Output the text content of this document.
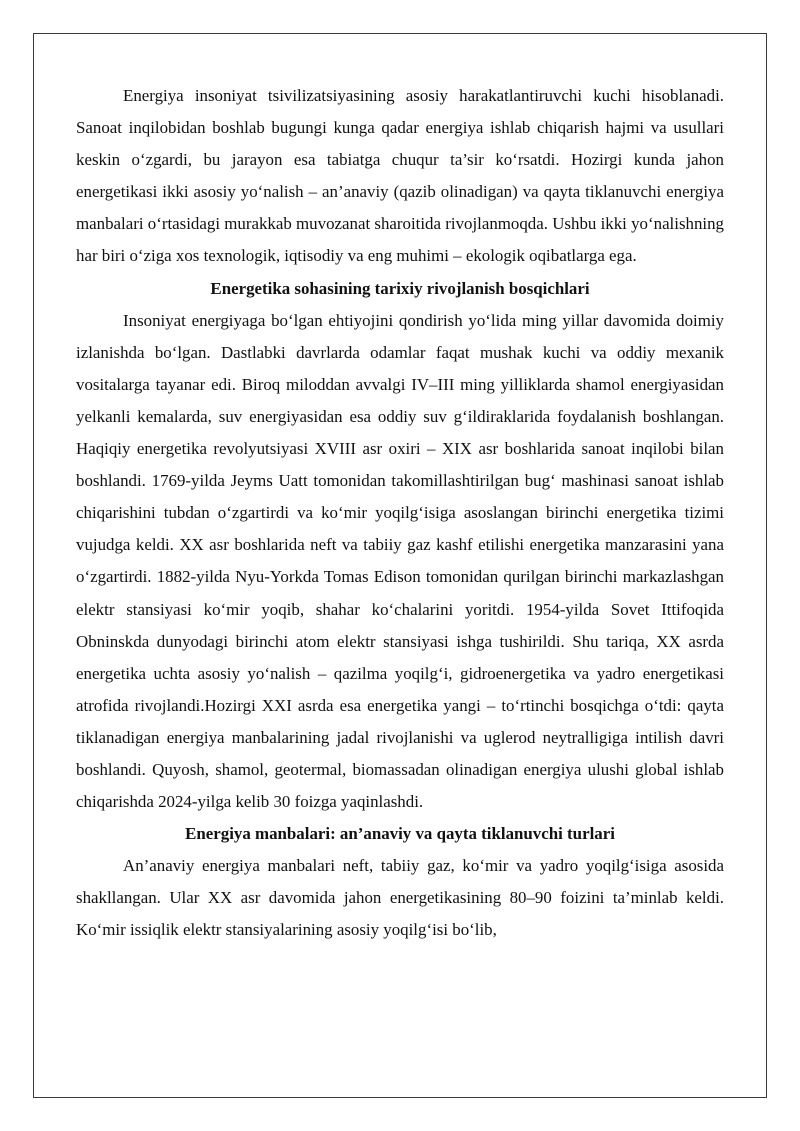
Energiya insoniyat tsivilizatsiyasining asosiy harakatlantiruvchi kuchi hisoblanadi. Sanoat inqilobidan boshlab bugungi kunga qadar energiya ishlab chiqarish hajmi va usullari keskin o‘zgardi, bu jarayon esa tabiatga chuqur ta’sir ko‘rsatdi. Hozirgi kunda jahon energetikasi ikki asosiy yo‘nalish – an’anaviy (qazib olinadigan) va qayta tiklanuvchi energiya manbalari o‘rtasidagi murakkab muvozanat sharoitida rivojlanmoqda. Ushbu ikki yo‘nalishning har biri o‘ziga xos texnologik, iqtisodiy va eng muhimi – ekologik oqibatlarga ega.

Energetika sohasining tarixiy rivojlanish bosqichlari

Insoniyat energiyaga bo‘lgan ehtiyojini qondirish yo‘lida ming yillar davomida doimiy izlanishda bo‘lgan. Dastlabki davrlarda odamlar faqat mushak kuchi va oddiy mexanik vositalarga tayanar edi. Biroq miloddan avvalgi IV–III ming yilliklarda shamol energiyasidan yelkanli kemalarda, suv energiyasidan esa oddiy suv g‘ildiraklarida foydalanish boshlangan. Haqiqiy energetika revolyutsiyasi XVIII asr oxiri – XIX asr boshlarida sanoat inqilobi bilan boshlandi. 1769-yilda Jeyms Uatt tomonidan takomillashtirilgan bug‘ mashinasi sanoat ishlab chiqarishini tubdan o‘zgartirdi va ko‘mir yoqilg‘isiga asoslangan birinchi energetika tizimi vujudga keldi. XX asr boshlarida neft va tabiiy gaz kashf etilishi energetika manzarasini yana o‘zgartirdi. 1882-yilda Nyu-Yorkda Tomas Edison tomonidan qurilgan birinchi markazlashgan elektr stansiyasi ko‘mir yoqib, shahar ko‘chalarini yoritdi. 1954-yilda Sovet Ittifoqida Obninskda dunyodagi birinchi atom elektr stansiyasi ishga tushirildi. Shu tariqa, XX asrda energetika uchta asosiy yo‘nalish – qazilma yoqilg‘i, gidroenergetika va yadro energetikasi atrofida rivojlandi.Hozirgi XXI asrda esa energetika yangi – to‘rtinchi bosqichga o‘tdi: qayta tiklanadigan energiya manbalarining jadal rivojlanishi va uglerod neytralligiga intilish davri boshlandi. Quyosh, shamol, geotermal, biomassadan olinadigan energiya ulushi global ishlab chiqarishda 2024-yilga kelib 30 foizga yaqinlashdi.

Energiya manbalari: an’anaviy va qayta tiklanuvchi turlari

An’anaviy energiya manbalari neft, tabiiy gaz, ko‘mir va yadro yoqilg‘isiga asosida shakllangan. Ular XX asr davomida jahon energetikasining 80–90 foizini ta’minlab keldi. Ko‘mir issiqlik elektr stansiyalarining asosiy yoqilg‘isi bo‘lib,
